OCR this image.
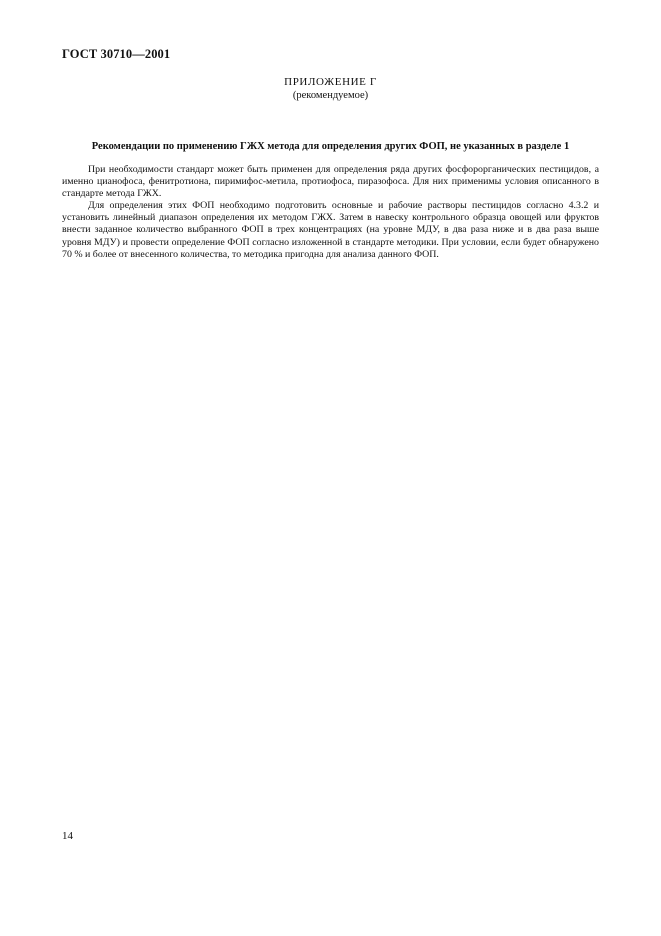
ГОСТ 30710—2001
ПРИЛОЖЕНИЕ Г
(рекомендуемое)
Рекомендации по применению ГЖХ метода для определения других ФОП, не указанных в разделе 1

При необходимости стандарт может быть применен для определения ряда других фосфорорганических пестицидов, а именно цианофоса, фенитротиона, пиримифос-метила, протиофоса, пиразофоса. Для них применимы условия описанного в стандарте метода ГЖХ.

Для определения этих ФОП необходимо подготовить основные и рабочие растворы пестицидов согласно 4.3.2 и установить линейный диапазон определения их методом ГЖХ. Затем в навеску контрольного образца овощей или фруктов внести заданное количество выбранного ФОП в трех концентрациях (на уровне МДУ, в два раза ниже и в два раза выше уровня МДУ) и провести определение ФОП согласно изложенной в стандарте методики. При условии, если будет обнаружено 70 % и более от внесенного количества, то методика пригодна для анализа данного ФОП.

14
